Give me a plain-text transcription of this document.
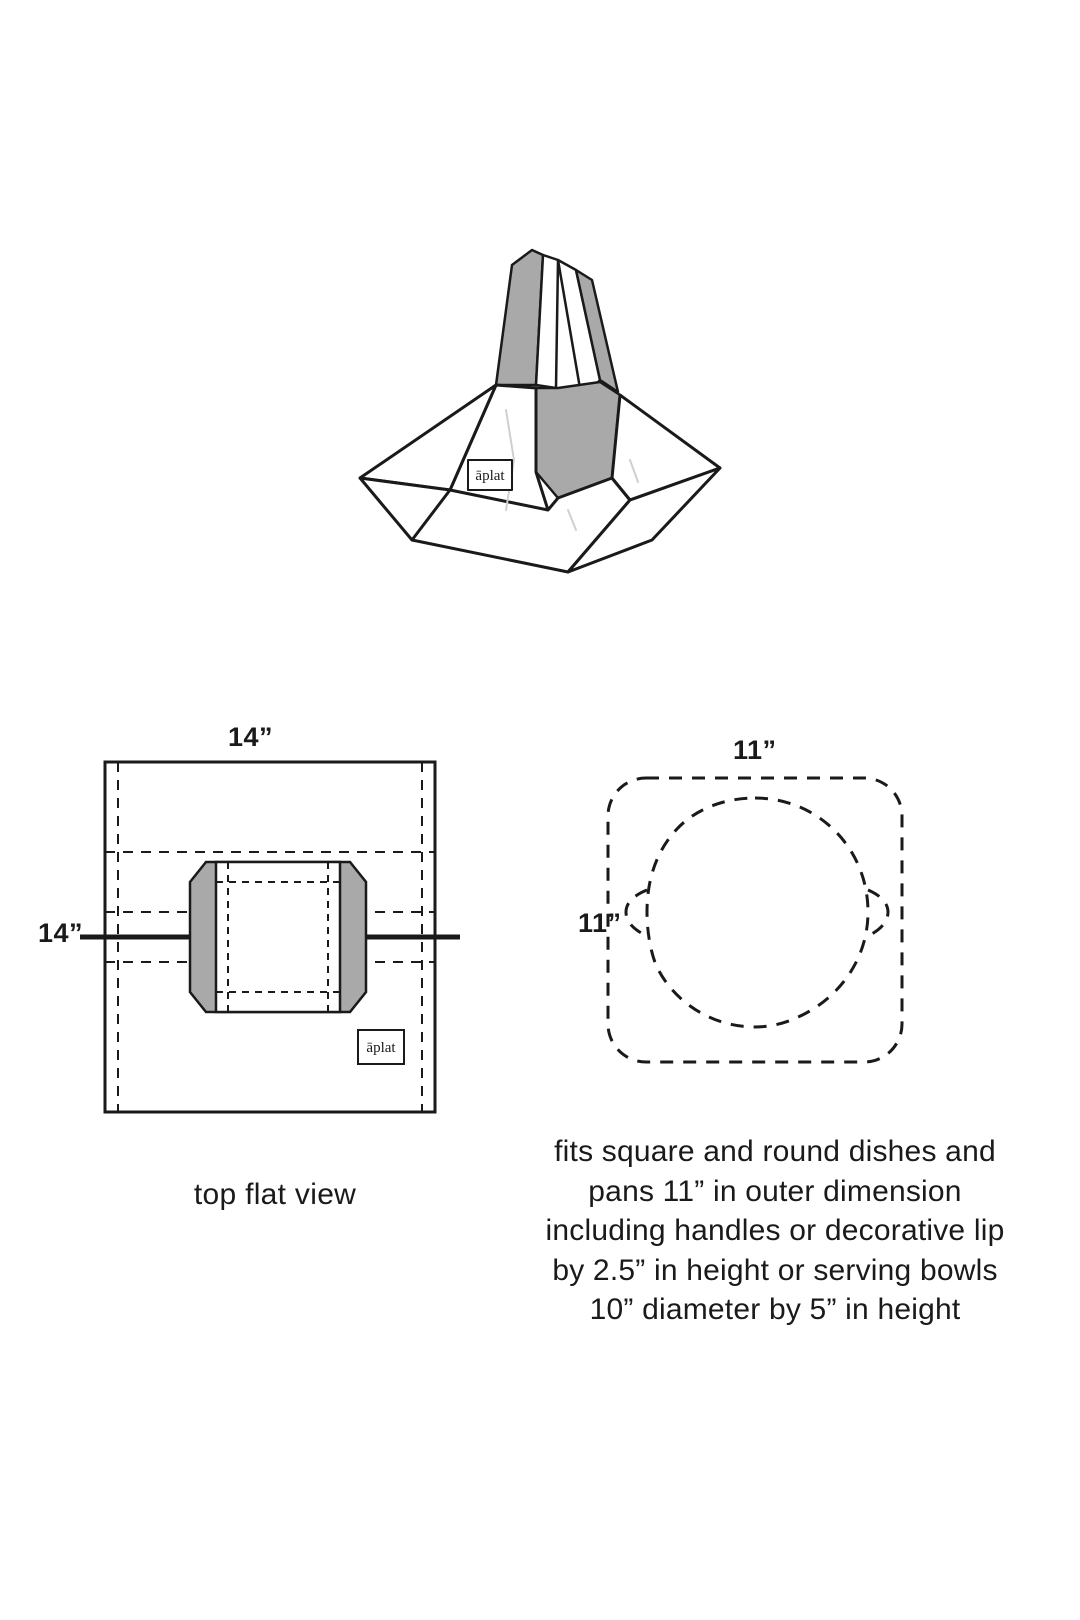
āplat
āplat
14”
14”
top flat view
11”
11”
fits square and round dishes and pans 11” in outer dimension including handles or decorative lip by 2.5” in height or serving bowls 10” diameter by 5” in height
